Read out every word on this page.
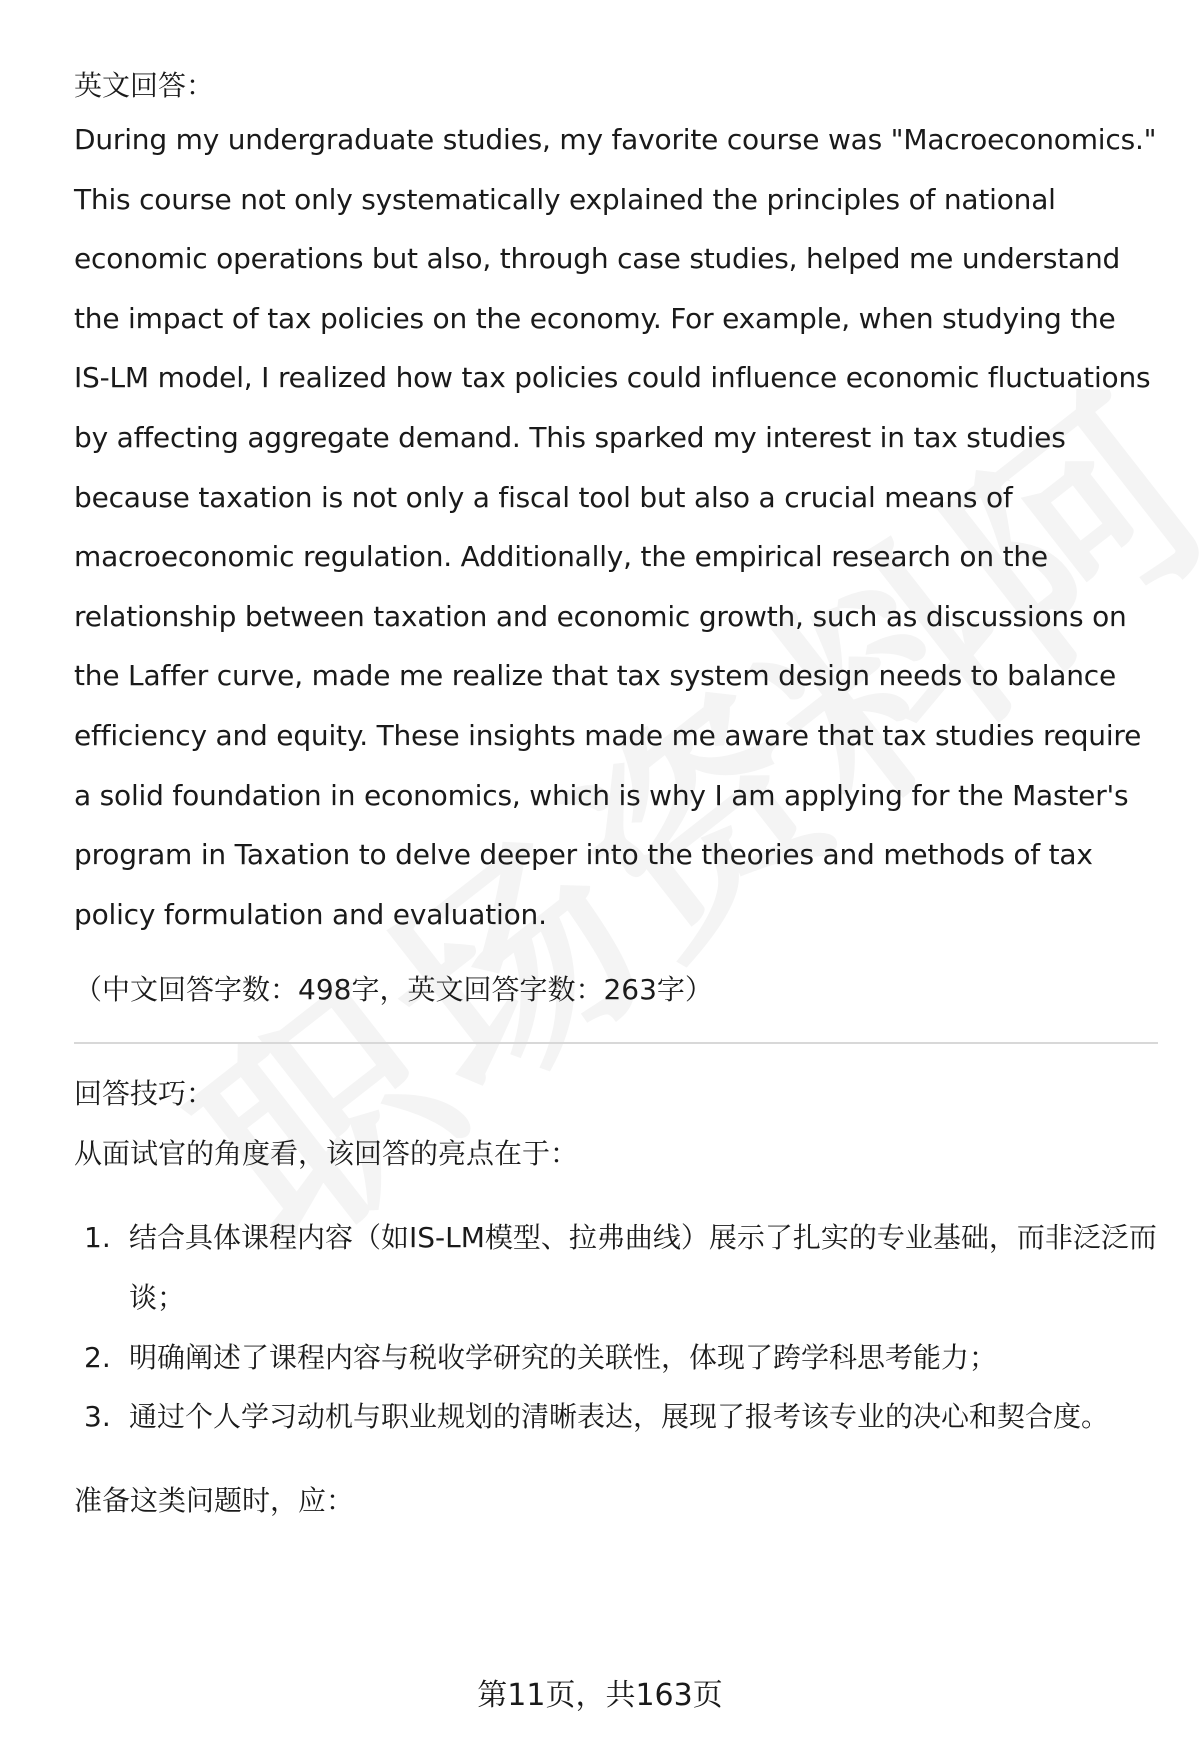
英文回答：

During my undergraduate studies, my favorite course was "Macroeconomics." This course not only systematically explained the principles of national economic operations but also, through case studies, helped me understand the impact of tax policies on the economy. For example, when studying the IS-LM model, I realized how tax policies could influence economic fluctuations by affecting aggregate demand. This sparked my interest in tax studies because taxation is not only a fiscal tool but also a crucial means of macroeconomic regulation. Additionally, the empirical research on the relationship between taxation and economic growth, such as discussions on the Laffer curve, made me realize that tax system design needs to balance efficiency and equity. These insights made me aware that tax studies require a solid foundation in economics, which is why I am applying for the Master's program in Taxation to delve deeper into the theories and methods of tax policy formulation and evaluation.

（中文回答字数：498字，英文回答字数：263字）

回答技巧：

从面试官的角度看，该回答的亮点在于：

1. 结合具体课程内容（如IS-LM模型、拉弗曲线）展示了扎实的专业基础，而非泛泛而谈；
2. 明确阐述了课程内容与税收学研究的关联性，体现了跨学科思考能力；
3. 通过个人学习动机与职业规划的清晰表达，展现了报考该专业的决心和契合度。

准备这类问题时，应：

第11页，共163页
